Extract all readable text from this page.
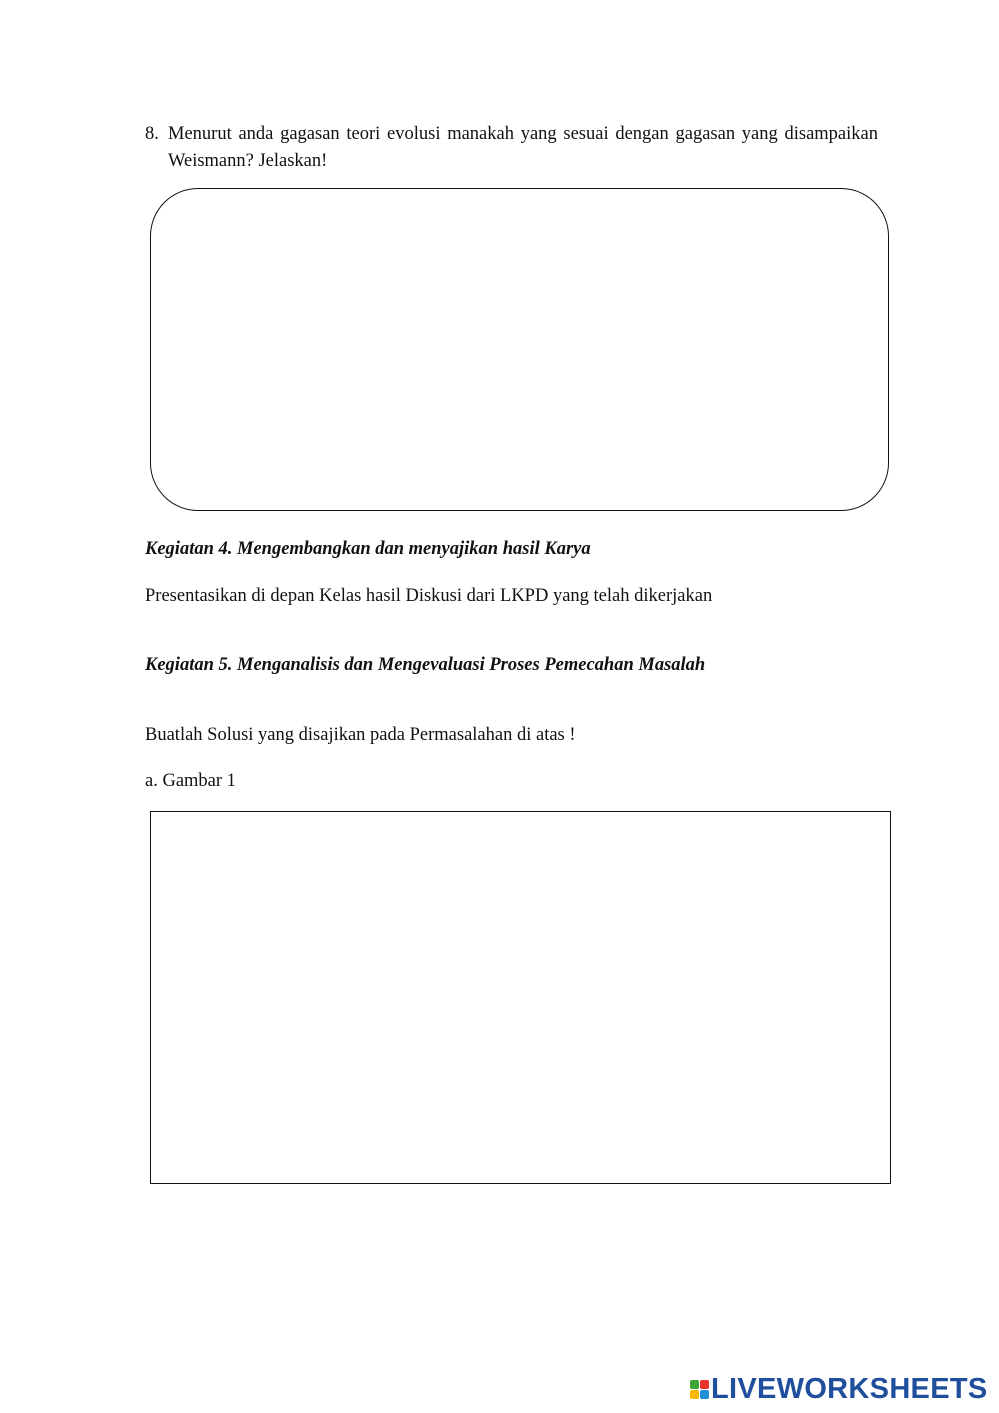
8. Menurut anda gagasan teori evolusi manakah yang sesuai dengan gagasan yang disampaikan Weismann? Jelaskan!
Kegiatan 4. Mengembangkan dan menyajikan hasil Karya
Presentasikan di depan Kelas hasil Diskusi dari LKPD yang telah dikerjakan
Kegiatan 5. Menganalisis dan Mengevaluasi Proses Pemecahan Masalah
Buatlah Solusi yang disajikan pada Permasalahan di atas !
a. Gambar 1
LIVEWORKSHEETS
